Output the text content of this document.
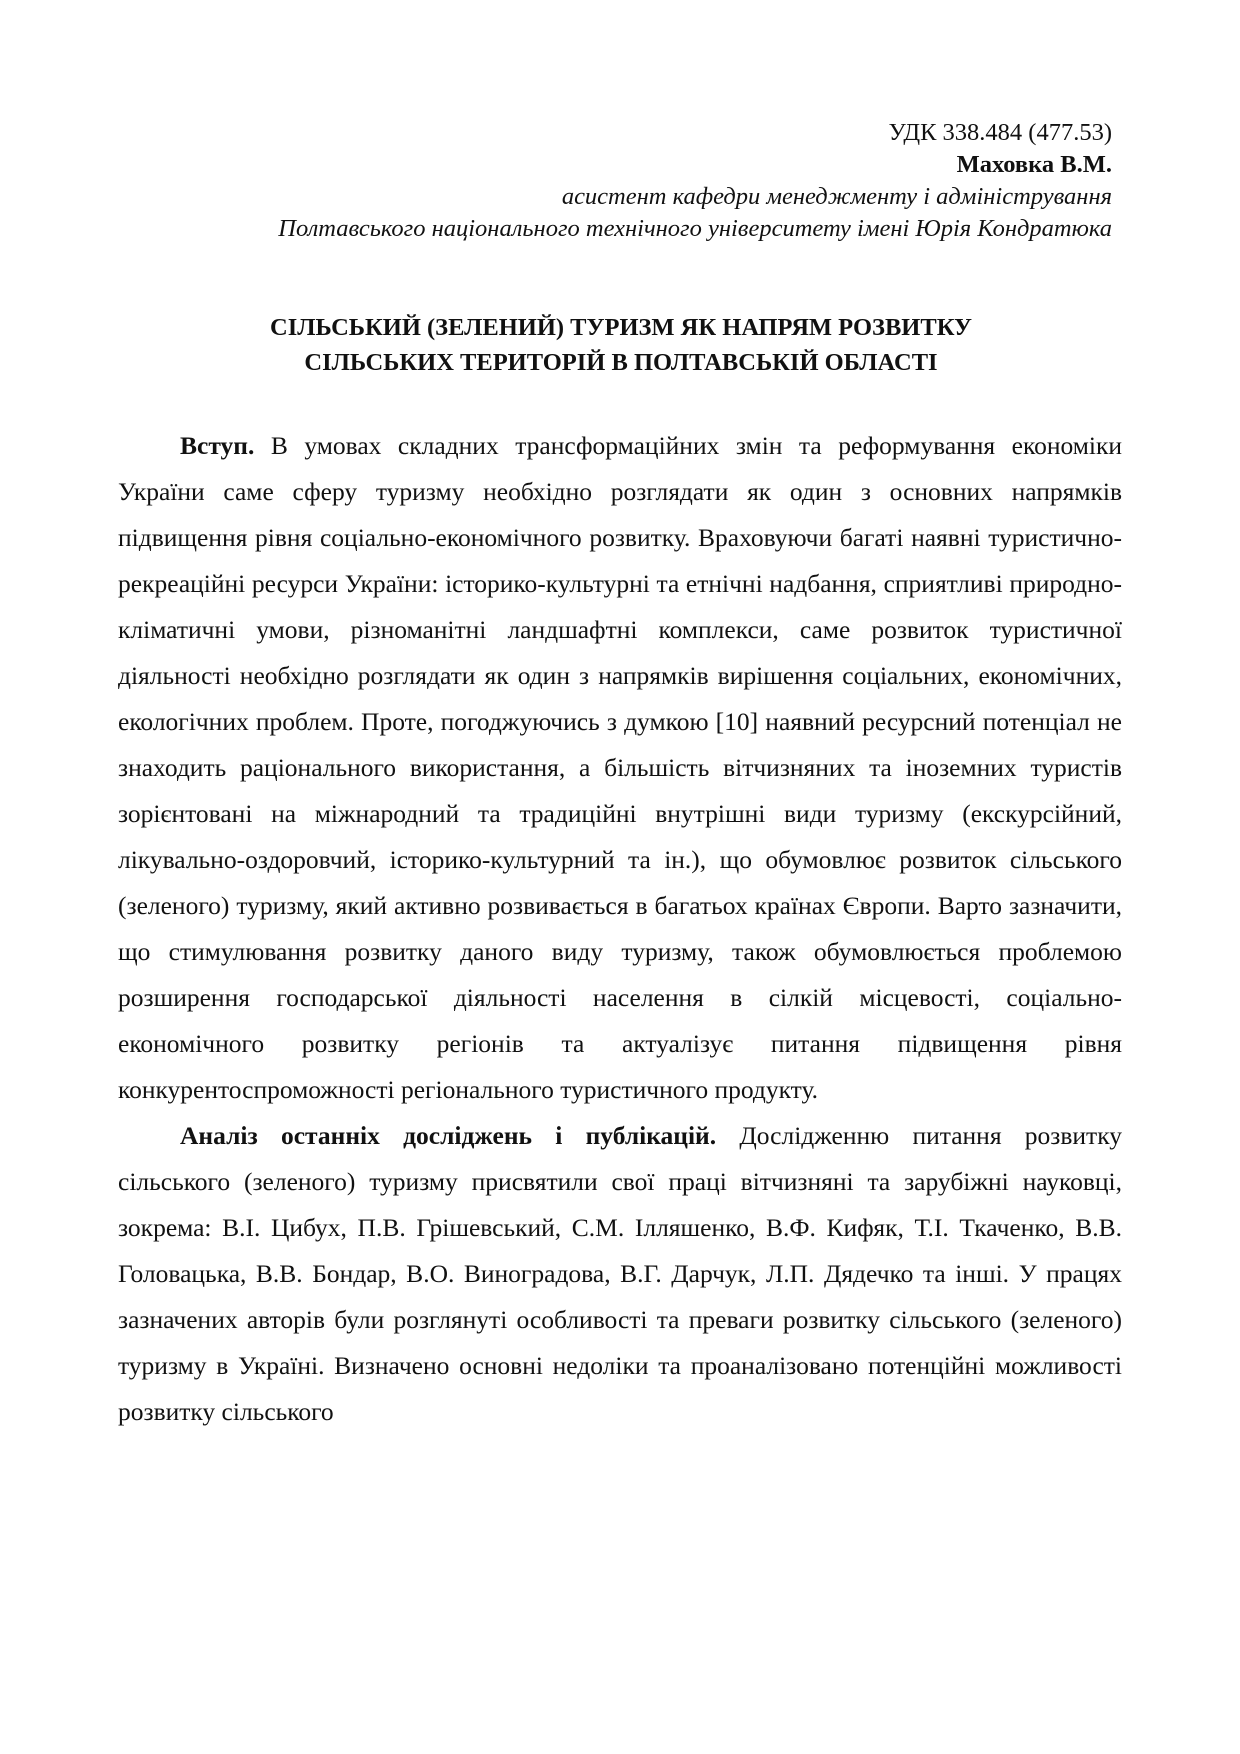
УДК 338.484 (477.53)
Маховка В.М.
асистент кафедри менеджменту і адміністрування
Полтавського національного технічного університету імені Юрія Кондратюка
СІЛЬСЬКИЙ (ЗЕЛЕНИЙ) ТУРИЗМ ЯК НАПРЯМ РОЗВИТКУ
СІЛЬСЬКИХ ТЕРИТОРІЙ В ПОЛТАВСЬКІЙ ОБЛАСТІ

Вступ. В умовах складних трансформаційних змін та реформування економіки України саме сферу туризму необхідно розглядати як один з основних напрямків підвищення рівня соціально-економічного розвитку. Враховуючи багаті наявні туристично-рекреаційні ресурси України: історико-культурні та етнічні надбання, сприятливі природно-кліматичні умови, різноманітні ландшафтні комплекси, саме розвиток туристичної діяльності необхідно розглядати як один з напрямків вирішення соціальних, економічних, екологічних проблем. Проте, погоджуючись з думкою [10] наявний ресурсний потенціал не знаходить раціонального використання, а більшість вітчизняних та іноземних туристів зорієнтовані на міжнародний та традиційні внутрішні види туризму (екскурсійний, лікувально-оздоровчий, історико-культурний та ін.), що обумовлює розвиток сільського (зеленого) туризму, який активно розвивається в багатьох країнах Європи. Варто зазначити, що стимулювання розвитку даного виду туризму, також обумовлюється проблемою розширення господарської діяльності населення в сілкій місцевості, соціально-економічного розвитку регіонів та актуалізує питання підвищення рівня конкурентоспроможності регіонального туристичного продукту.

Аналіз останніх досліджень і публікацій. Дослідженню питання розвитку сільського (зеленого) туризму присвятили свої праці вітчизняні та зарубіжні науковці, зокрема: В.І. Цибух, П.В. Грішевський, С.М. Ілляшенко, В.Ф. Кифяк, Т.І. Ткаченко, В.В. Головацька, В.В. Бондар, В.О. Виноградова, В.Г. Дарчук, Л.П. Дядечко та інші. У працях зазначених авторів були розглянуті особливості та преваги розвитку сільського (зеленого) туризму в Україні. Визначено основні недоліки та проаналізовано потенційні можливості розвитку сільського
